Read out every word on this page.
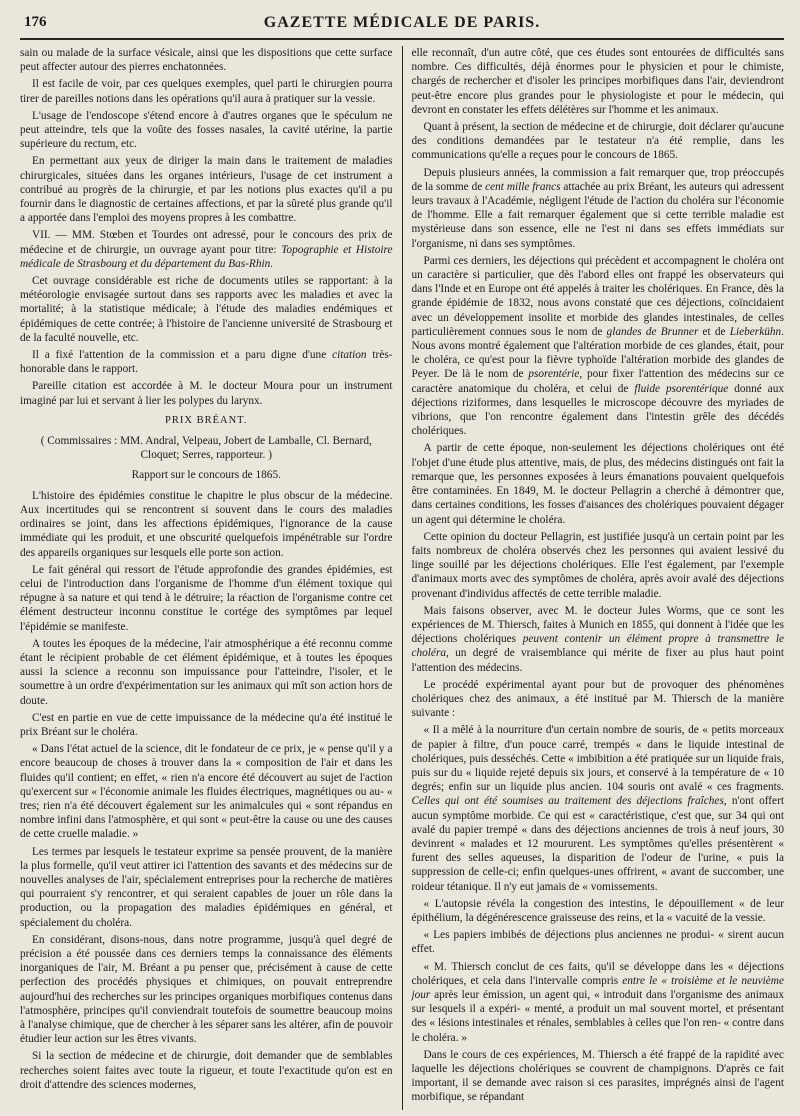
176	GAZETTE MÉDICALE DE PARIS.

sain ou malade de la surface vésicale, ainsi que les dispositions que cette surface peut affecter autour des pierres enchatonnées.

Il est facile de voir, par ces quelques exemples, quel parti le chirurgien pourra tirer de pareilles notions dans les opérations qu'il aura à pratiquer sur la vessie.

L'usage de l'endoscope s'étend encore à d'autres organes que le spéculum ne peut atteindre, tels que la voûte des fosses nasales, la cavité utérine, la partie supérieure du rectum, etc.

En permettant aux yeux de diriger la main dans le traitement de maladies chirurgicales, situées dans les organes intérieurs, l'usage de cet instrument a contribué au progrès de la chirurgie, et par les notions plus exactes qu'il a pu fournir dans le diagnostic de certaines affections, et par la sûreté plus grande qu'il a apportée dans l'emploi des moyens propres à les combattre.

VII. — MM. Stœben et Tourdes ont adressé, pour le concours des prix de médecine et de chirurgie, un ouvrage ayant pour titre: Topographie et Histoire médicale de Strasbourg et du département du Bas-Rhin.

Cet ouvrage considérable est riche de documents utiles se rapportant: à la météorologie envisagée surtout dans ses rapports avec les maladies et avec la mortalité; à la statistique médicale; à l'étude des maladies endémiques et épidémiques de cette contrée; à l'histoire de l'ancienne université de Strasbourg et de la faculté nouvelle, etc.

Il a fixé l'attention de la commission et a paru digne d'une citation très-honorable dans le rapport.

Pareille citation est accordée à M. le docteur Moura pour un instrument imaginé par lui et servant à lier les polypes du larynx.

PRIX BRÉANT.

( Commissaires : MM. Andral, Velpeau, Jobert de Lamballe, Cl. Bernard, Cloquet; Serres, rapporteur. )

Rapport sur le concours de 1865.

L'histoire des épidémies constitue le chapitre le plus obscur de la médecine. Aux incertitudes qui se rencontrent si souvent dans le cours des maladies ordinaires se joint, dans les affections épidémiques, l'ignorance de la cause immédiate qui les produit, et une obscurité quelquefois impénétrable sur l'ordre des appareils organiques sur lesquels elle porte son action.

Le fait général qui ressort de l'étude approfondie des grandes épidémies, est celui de l'introduction dans l'organisme de l'homme d'un élément toxique qui répugne à sa nature et qui tend à le détruire; la réaction de l'organisme contre cet élément destructeur inconnu constitue le cortége des symptômes par lequel l'épidémie se manifeste.

A toutes les époques de la médecine, l'air atmosphérique a été reconnu comme étant le récipient probable de cet élément épidémique, et à toutes les époques aussi la science a reconnu son impuissance pour l'atteindre, l'isoler, et le soumettre à un ordre d'expérimentation sur les animaux qui mît son action hors de doute.

C'est en partie en vue de cette impuissance de la médecine qu'a été institué le prix Bréant sur le choléra.

« Dans l'état actuel de la science, dit le fondateur de ce prix, je « pense qu'il y a encore beaucoup de choses à trouver dans la « composition de l'air et dans les fluides qu'il contient; en effet, « rien n'a encore été découvert au sujet de l'action qu'exercent sur « l'économie animale les fluides électriques, magnétiques ou au- « tres; rien n'a été découvert également sur les animalcules qui « sont répandus en nombre infini dans l'atmosphère, et qui sont « peut-être la cause ou une des causes de cette cruelle maladie. »

Les termes par lesquels le testateur exprime sa pensée prouvent, de la manière la plus formelle, qu'il veut attirer ici l'attention des savants et des médecins sur de nouvelles analyses de l'air, spécialement entreprises pour la recherche de matières qui pourraient s'y rencontrer, et qui seraient capables de jouer un rôle dans la production, ou la propagation des maladies épidémiques en général, et spécialement du choléra.

En considérant, disons-nous, dans notre programme, jusqu'à quel degré de précision a été poussée dans ces derniers temps la connaissance des éléments inorganiques de l'air, M. Bréant a pu penser que, précisément à cause de cette perfection des procédés physiques et chimiques, on pouvait entreprendre aujourd'hui des recherches sur les principes organiques morbifiques contenus dans l'atmosphère, principes qu'il conviendrait toutefois de soumettre beaucoup moins à l'analyse chimique, que de chercher à les séparer sans les altérer, afin de pouvoir étudier leur action sur les êtres vivants.

Si la section de médecine et de chirurgie, doit demander que de semblables recherches soient faites avec toute la rigueur, et toute l'exactitude qu'on est en droit d'attendre des sciences modernes,

elle reconnaît, d'un autre côté, que ces études sont entourées de difficultés sans nombre. Ces difficultés, déjà énormes pour le physicien et pour le chimiste, chargés de rechercher et d'isoler les principes morbifiques dans l'air, deviendront peut-être encore plus grandes pour le physiologiste et pour le médecin, qui devront en constater les effets délétères sur l'homme et les animaux.

Quant à présent, la section de médecine et de chirurgie, doit déclarer qu'aucune des conditions demandées par le testateur n'a été remplie, dans les communications qu'elle a reçues pour le concours de 1865.

Depuis plusieurs années, la commission a fait remarquer que, trop préoccupés de la somme de cent mille francs attachée au prix Bréant, les auteurs qui adressent leurs travaux à l'Académie, négligent l'étude de l'action du choléra sur l'économie de l'homme. Elle a fait remarquer également que si cette terrible maladie est mystérieuse dans son essence, elle ne l'est ni dans ses effets immédiats sur l'organisme, ni dans ses symptômes.

Parmi ces derniers, les déjections qui précèdent et accompagnent le choléra ont un caractère si particulier, que dès l'abord elles ont frappé les observateurs qui dans l'Inde et en Europe ont été appelés à traiter les cholériques. En France, dès la grande épidémie de 1832, nous avons constaté que ces déjections, coïncidaient avec un développement insolite et morbide des glandes intestinales, de celles particulièrement connues sous le nom de glandes de Brunner et de Lieberkühn. Nous avons montré également que l'altération morbide de ces glandes, était, pour le choléra, ce qu'est pour la fièvre typhoïde l'altération morbide des glandes de Peyer. De là le nom de psorentérie, pour fixer l'attention des médecins sur ce caractère anatomique du choléra, et celui de fluide psorentérique donné aux déjections riziformes, dans lesquelles le microscope découvre des myriades de vibrions, que l'on rencontre également dans l'intestin grêle des décédés cholériques.

A partir de cette époque, non-seulement les déjections cholériques ont été l'objet d'une étude plus attentive, mais, de plus, des médecins distingués ont fait la remarque que, les personnes exposées à leurs émanations pouvaient quelquefois être contaminées. En 1849, M. le docteur Pellagrin a cherché à démontrer que, dans certaines conditions, les fosses d'aisances des cholériques pouvaient dégager un agent qui détermine le choléra.

Cette opinion du docteur Pellagrin, est justifiée jusqu'à un certain point par les faits nombreux de choléra observés chez les personnes qui avaient lessivé du linge souillé par les déjections cholériques. Elle l'est également, par l'exemple d'animaux morts avec des symptômes de choléra, après avoir avalé des déjections provenant d'individus affectés de cette terrible maladie.

Mais faisons observer, avec M. le docteur Jules Worms, que ce sont les expériences de M. Thiersch, faites à Munich en 1855, qui donnent à l'idée que les déjections cholériques peuvent contenir un élément propre à transmettre le choléra, un degré de vraisemblance qui mérite de fixer au plus haut point l'attention des médecins.

Le procédé expérimental ayant pour but de provoquer des phénomènes cholériques chez des animaux, a été institué par M. Thiersch de la manière suivante :

« Il a mêlé à la nourriture d'un certain nombre de souris, de « petits morceaux de papier à filtre, d'un pouce carré, trempés « dans le liquide intestinal de cholériques, puis desséchés. Cette « imbibition a été pratiquée sur un liquide frais, puis sur du « liquide rejeté depuis six jours, et conservé à la température de « 10 degrés; enfin sur un liquide plus ancien. 104 souris ont avalé « ces fragments. Celles qui ont été soumises au traitement des déjections fraîches, n'ont offert aucun symptôme morbide. Ce qui est « caractéristique, c'est que, sur 34 qui ont avalé du papier trempé « dans des déjections anciennes de trois à neuf jours, 30 devinrent « malades et 12 moururent. Les symptômes qu'elles présentèrent « furent des selles aqueuses, la disparition de l'odeur de l'urine, « puis la suppression de celle-ci; enfin quelques-unes offrirent, « avant de succomber, une roideur tétanique. Il n'y eut jamais de « vomissements.

« L'autopsie révéla la congestion des intestins, le dépouillement « de leur épithélium, la dégénérescence graisseuse des reins, et la « vacuité de la vessie.

« Les papiers imbibés de déjections plus anciennes ne produi- « sirent aucun effet.

« M. Thiersch conclut de ces faits, qu'il se développe dans les « déjections cholériques, et cela dans l'intervalle compris entre le « troisième et le neuvième jour après leur émission, un agent qui, « introduit dans l'organisme des animaux sur lesquels il a expéri- « menté, a produit un mal souvent mortel, et présentant des « lésions intestinales et rénales, semblables à celles que l'on ren- « contre dans le choléra. »

Dans le cours de ces expériences, M. Thiersch a été frappé de la rapidité avec laquelle les déjections cholériques se couvrent de champignons. D'après ce fait important, il se demande avec raison si ces parasites, imprégnés ainsi de l'agent morbifique, se répandant
